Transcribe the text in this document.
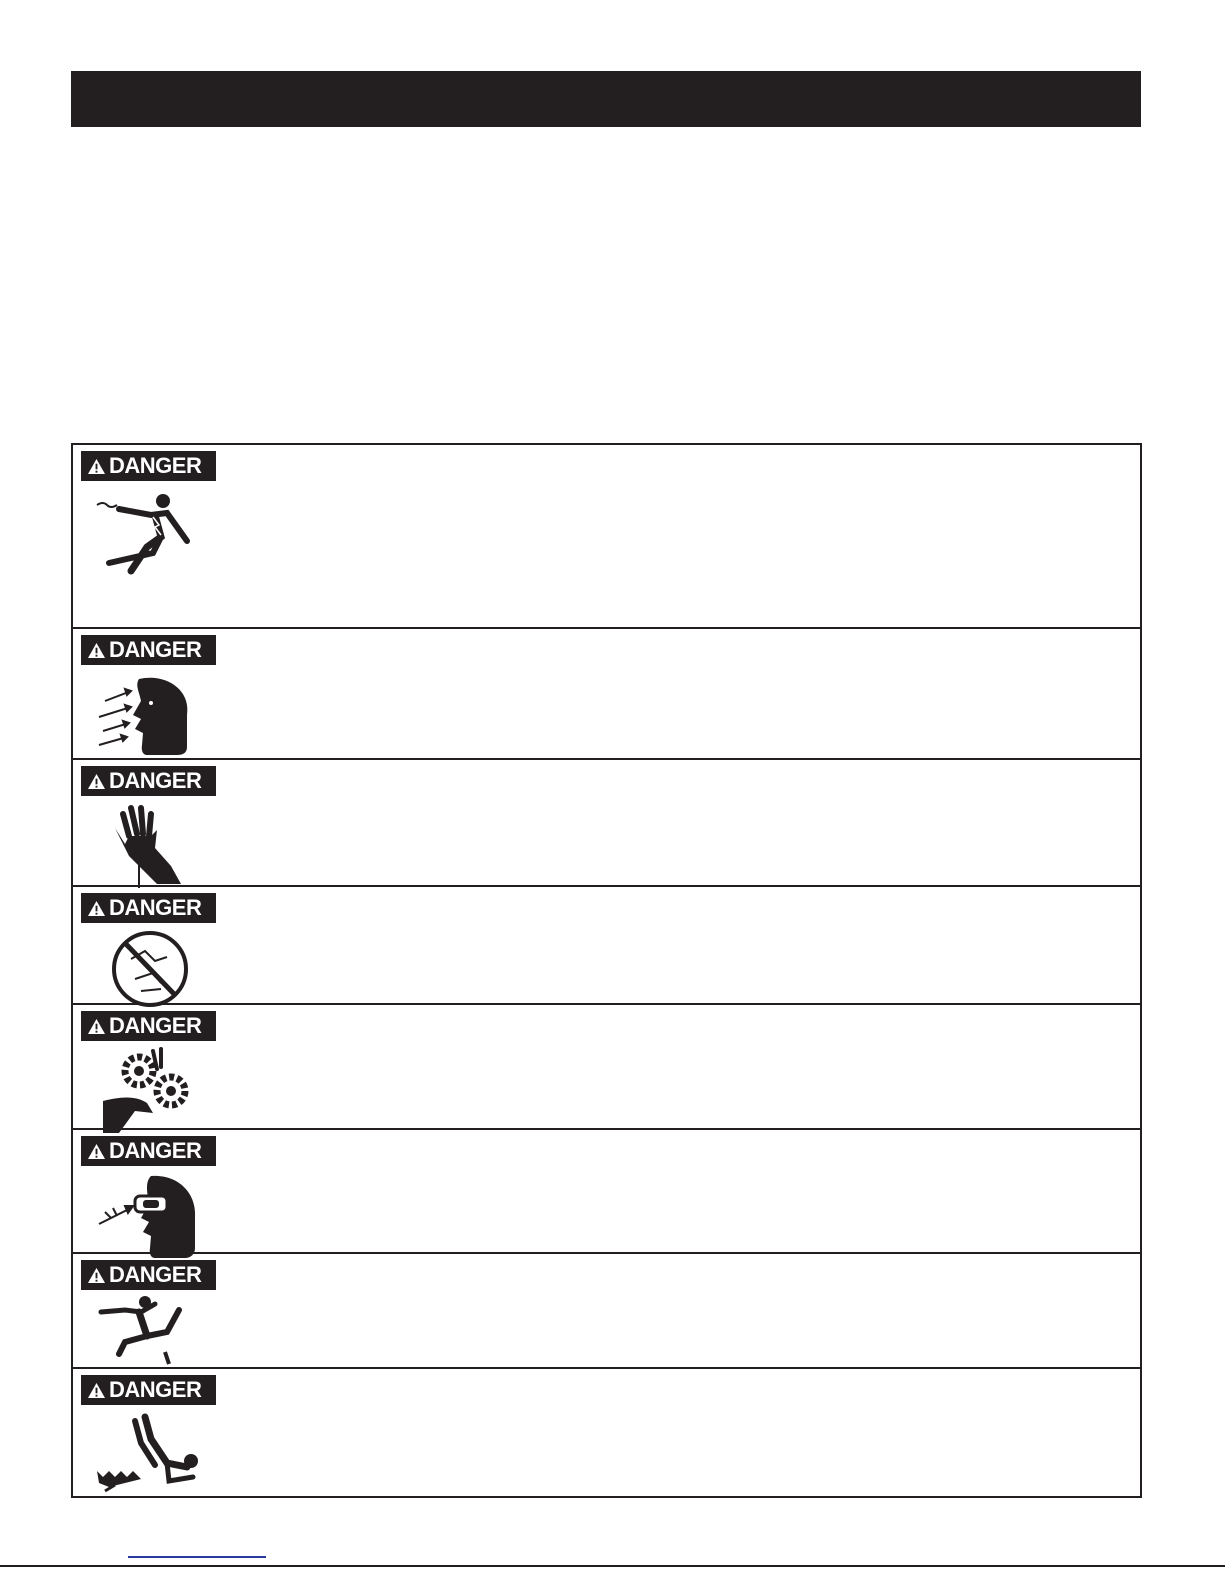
DANGER
DANGER
DANGER
DANGER
DANGER
DANGER
DANGER
DANGER
